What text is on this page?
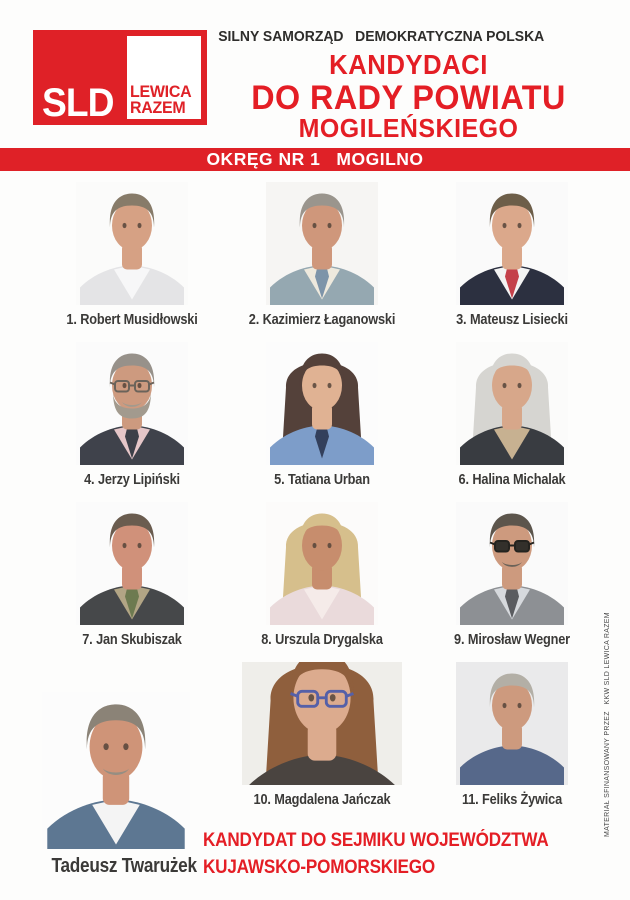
LEWICA
RAZEM
SLD
SILNY SAMORZĄD   DEMOKRATYCZNA POLSKA
KANDYDACI
DO RADY POWIATU
MOGILEŃSKIEGO
OKRĘG NR 1   MOGILNO
1. Robert Musidłowski	2. Kazimierz Łaganowski	3. Mateusz Lisiecki
4. Jerzy Lipiński	5. Tatiana Urban	6. Halina Michalak
7. Jan Skubiszak	8. Urszula Drygalska	9. Mirosław Wegner
10. Magdalena Jańczak	11. Feliks Żywica
Tadeusz Twarużek
KANDYDAT DO SEJMIKU WOJEWÓDZTWA
KUJAWSKO-POMORSKIEGO
MATERIAŁ SFINANSOWANY PRZEZ   KKW SLD LEWICA RAZEM
